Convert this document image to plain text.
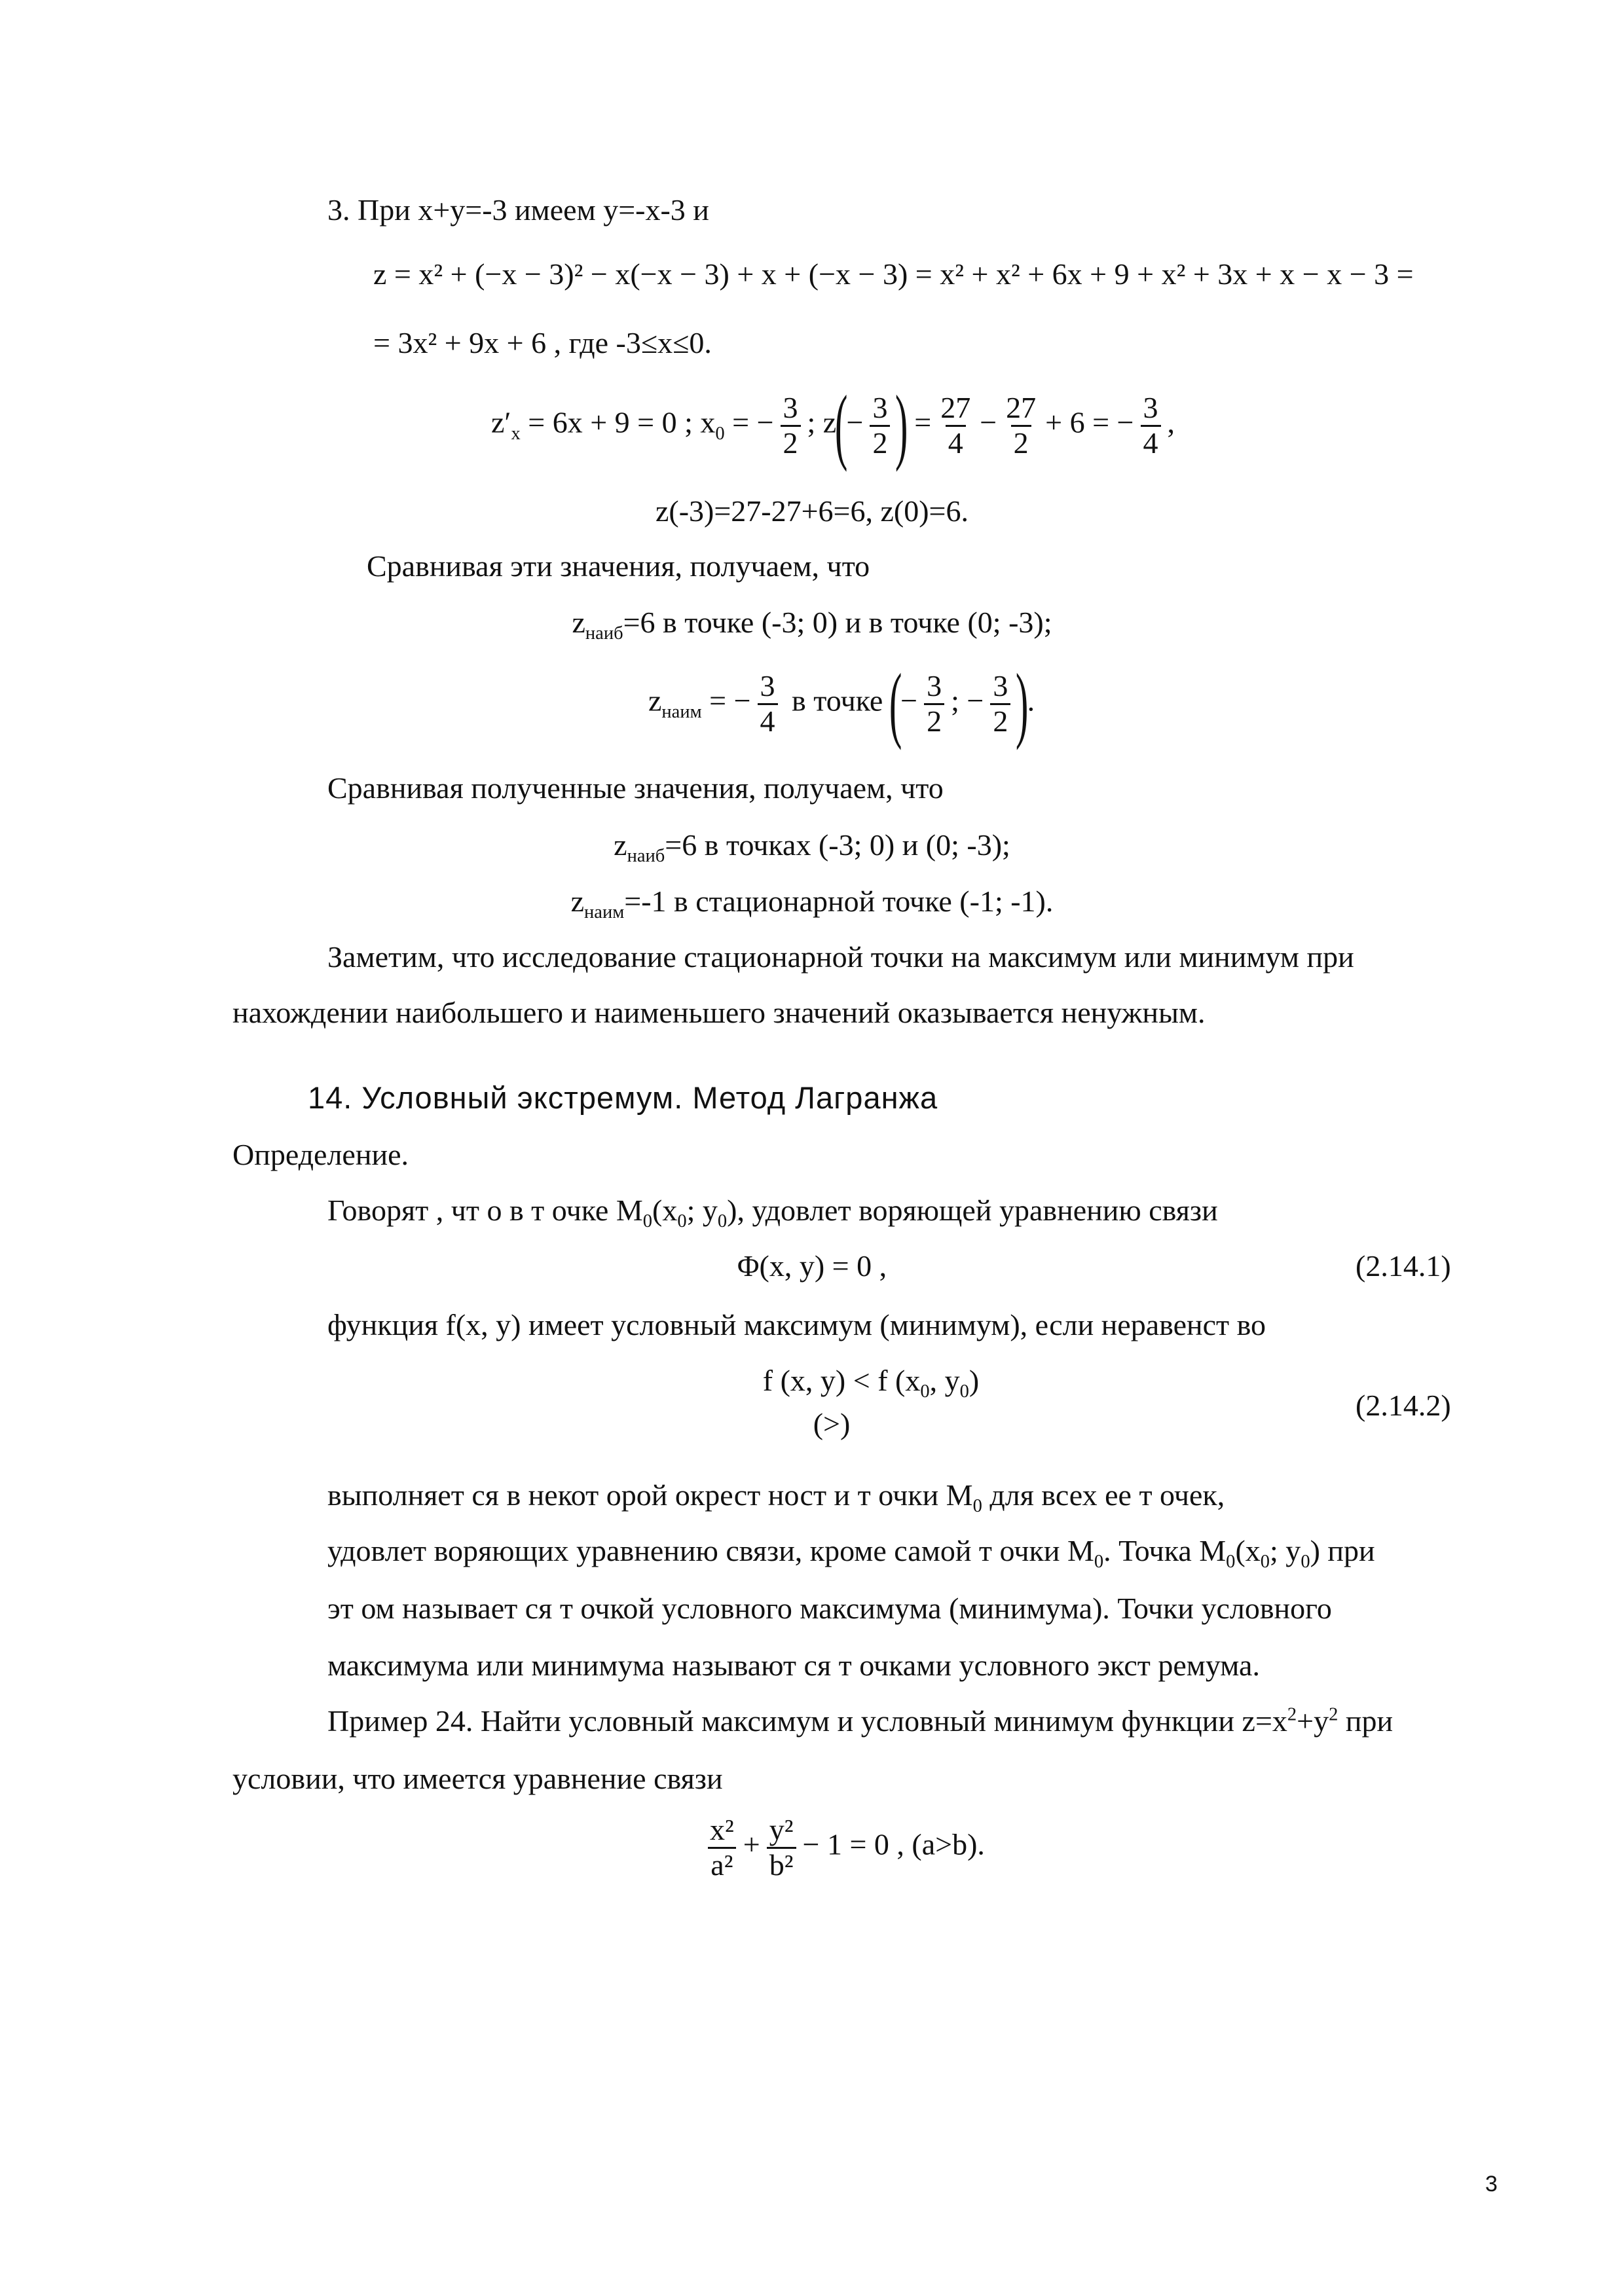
3. При x+y=-3 имеем y=-x-3 и
z = x² + (−x − 3)² − x(−x − 3) + x + (−x − 3) = x² + x² + 6x + 9 + x² + 3x + x − x − 3 =
= 3x² + 9x + 6 , где -3≤x≤0.
$z'_x = 6x + 9 = 0$ ; $x_0$ = − $\frac{3}{2}$ ; $z(- \frac{3}{2}$ ) = $\frac{27}{4} - \frac{27}{2} + 6$ = − $\frac{3}{4}$ ,
z(-3)=27-27+6=6, z(0)=6.
Сравнивая эти значения, получаем, что
$z_{наиб}=6$ в точке (-3; 0) и в точке (0; -3);
$z_{наим}$ = − $\frac{3}{4}$ в точке (− $\frac{3}{2}$ ; − $\frac{3}{2}$ ).
Сравнивая полученные значения, получаем, что
$z_{наиб}=6$ в точках (-3; 0) и (0; -3);
$z_{наим}=-1$ в стационарной точке (-1; -1).
Заметим, что исследование стационарной точки на максимум или минимум при
нахождении наибольшего и наименьшего значений оказывается ненужным.
14. Условный экстремум. Метод Лагранжа
Определение.
Говорят , чт о в т очке $M_0(x_0$; $y_0$), удовлет воряющей уравнению связи
Φ(x, y) = 0 ,	(2.14.1)
функция f(x, y) имеет условный максимум (минимум), если неравенст во
f (x, y) < f ($x_0$, $y_0$)
(>)
(2.14.2)
выполняет ся в некот орой окрест ност и т очки $M_0$ для всех ее т очек,
удовлет воряющих уравнению связи, кроме самой т очки $M_0$. Точка $M_0(x_0$; $y_0$) при
эт ом называет ся т очкой условного максимума (минимума). Точки условного
максимума или минимума называют ся т очками условного экст ремума.
Пример 24. Найти условный максимум и условный минимум функции $z=x^2+y^2$ при
условии, что имеется уравнение связи
$\frac{\text{x²}}{\text{a²}} + \frac{\text{y²}}{\text{b²}} - 1 = 0$ , (a>b).
3
